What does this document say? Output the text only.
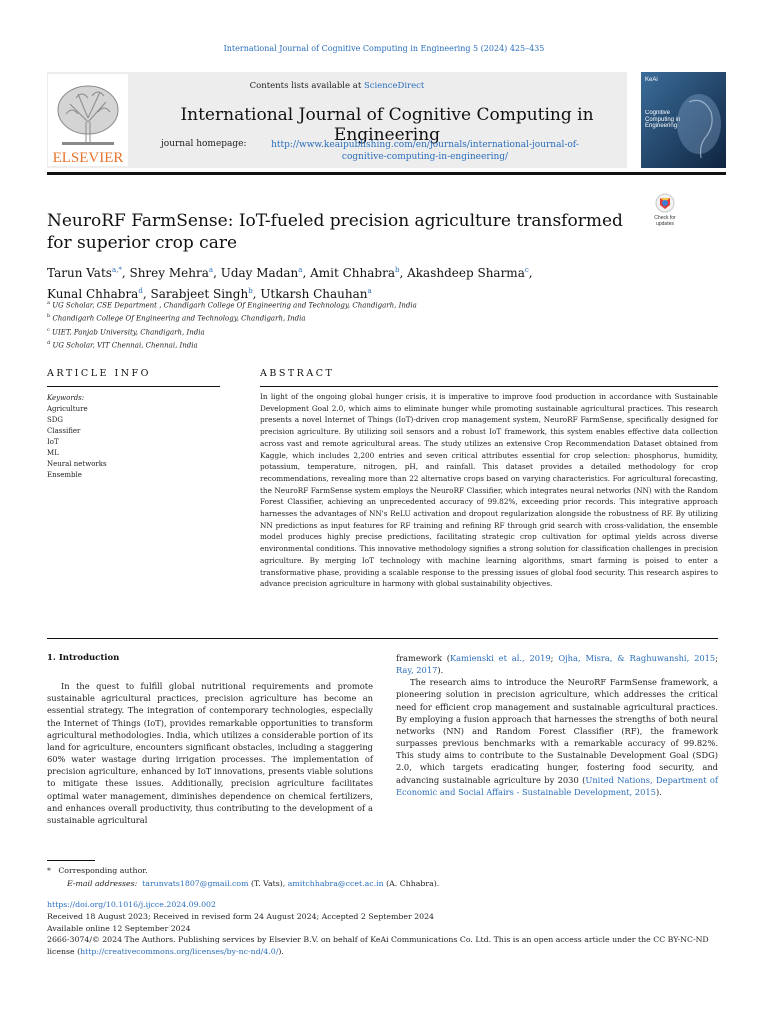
International Journal of Cognitive Computing in Engineering 5 (2024) 425–435
ELSEVIER
Contents lists available at ScienceDirect
International Journal of Cognitive Computing in Engineering
journal homepage:	http://www.keaipublishing.com/en/journals/international-journal-of-
cognitive-computing-in-engineering/
KeAi
Cognitive Computing in Engineering
Check for
updates
NeuroRF FarmSense: IoT-fueled precision agriculture transformed for superior crop care
Tarun Vats$^{a,*}$, Shrey Mehra$^a$, Uday Madan$^a$, Amit Chhabra$^b$, Akashdeep Sharma$^c$,
Kunal Chhabra$^d$, Sarabjeet Singh$^b$, Utkarsh Chauhan$^a$
$^a$ UG Scholar, CSE Department , Chandigarh College Of Engineering and Technology, Chandigarh, India
$^b$ Chandigarh College Of Engineering and Technology, Chandigarh, India
$^c$ UIET, Panjab University, Chandigarh, India
$^d$ UG Scholar, VIT Chennai, Chennai, India
ARTICLE INFO	ABSTRACT
Keywords:
Agriculture
SDG
Classifier
IoT
ML
Neural networks
Ensemble
In light of the ongoing global hunger crisis, it is imperative to improve food production in accordance with Sustainable Development Goal 2.0, which aims to eliminate hunger while promoting sustainable agricultural practices. This research presents a novel Internet of Things (IoT)-driven crop management system, NeuroRF FarmSense, specifically designed for precision agriculture. By utilizing soil sensors and a robust IoT framework, this system enables effective data collection across vast and remote agricultural areas. The study utilizes an extensive Crop Recommendation Dataset obtained from Kaggle, which includes 2,200 entries and seven critical attributes essential for crop selection: phosphorus, humidity, potassium, temperature, nitrogen, pH, and rainfall. This dataset provides a detailed methodology for crop recommendations, revealing more than 22 alternative crops based on varying characteristics. For agricultural forecasting, the NeuroRF FarmSense system employs the NeuroRF Classifier, which integrates neural networks (NN) with the Random Forest Classifier, achieving an unprecedented accuracy of 99.82%, exceeding prior records. This integrative approach harnesses the advantages of NN's ReLU activation and dropout regularization alongside the robustness of RF. By utilizing NN predictions as input features for RF training and refining RF through grid search with cross-validation, the ensemble model produces highly precise predictions, facilitating strategic crop cultivation for optimal yields across diverse environmental conditions. This innovative methodology signifies a strong solution for classification challenges in precision agriculture. By merging IoT technology with machine learning algorithms, smart farming is poised to enter a transformative phase, providing a scalable response to the pressing issues of global food security. This research aspires to advance precision agriculture in harmony with global sustainability objectives.
1. Introduction

In the quest to fulfill global nutritional requirements and promote sustainable agricultural practices, precision agriculture has become an essential strategy. The integration of contemporary technologies, especially the Internet of Things (IoT), provides remarkable opportunities to transform agricultural methodologies. India, which utilizes a considerable portion of its land for agriculture, encounters significant obstacles, including a staggering 60% water wastage during irrigation processes. The implementation of precision agriculture, enhanced by IoT innovations, presents viable solutions to mitigate these issues. Additionally, precision agriculture facilitates optimal water management, diminishes dependence on chemical fertilizers, and enhances overall productivity, thus contributing to the development of a sustainable agricultural

framework (Kamienski et al., 2019; Ojha, Misra, & Raghuwanshi, 2015; Ray, 2017).

The research aims to introduce the NeuroRF FarmSense framework, a pioneering solution in precision agriculture, which addresses the critical need for efficient crop management and sustainable agricultural practices. By employing a fusion approach that harnesses the strengths of both neural networks (NN) and Random Forest Classifier (RF), the framework surpasses previous benchmarks with a remarkable accuracy of 99.82%. This study aims to contribute to the Sustainable Development Goal (SDG) 2.0, which targets eradicating hunger, fostering food security, and advancing sustainable agriculture by 2030 (United Nations, Department of Economic and Social Affairs - Sustainable Development, 2015).

* Corresponding author.
E-mail addresses: tarunvats1807@gmail.com (T. Vats), amitchhabra@ccet.ac.in (A. Chhabra).
https://doi.org/10.1016/j.ijcce.2024.09.002
Received 18 August 2023; Received in revised form 24 August 2024; Accepted 2 September 2024
Available online 12 September 2024
2666-3074/© 2024 The Authors. Publishing services by Elsevier B.V. on behalf of KeAi Communications Co. Ltd. This is an open access article under the CC BY-NC-ND license (http://creativecommons.org/licenses/by-nc-nd/4.0/).
